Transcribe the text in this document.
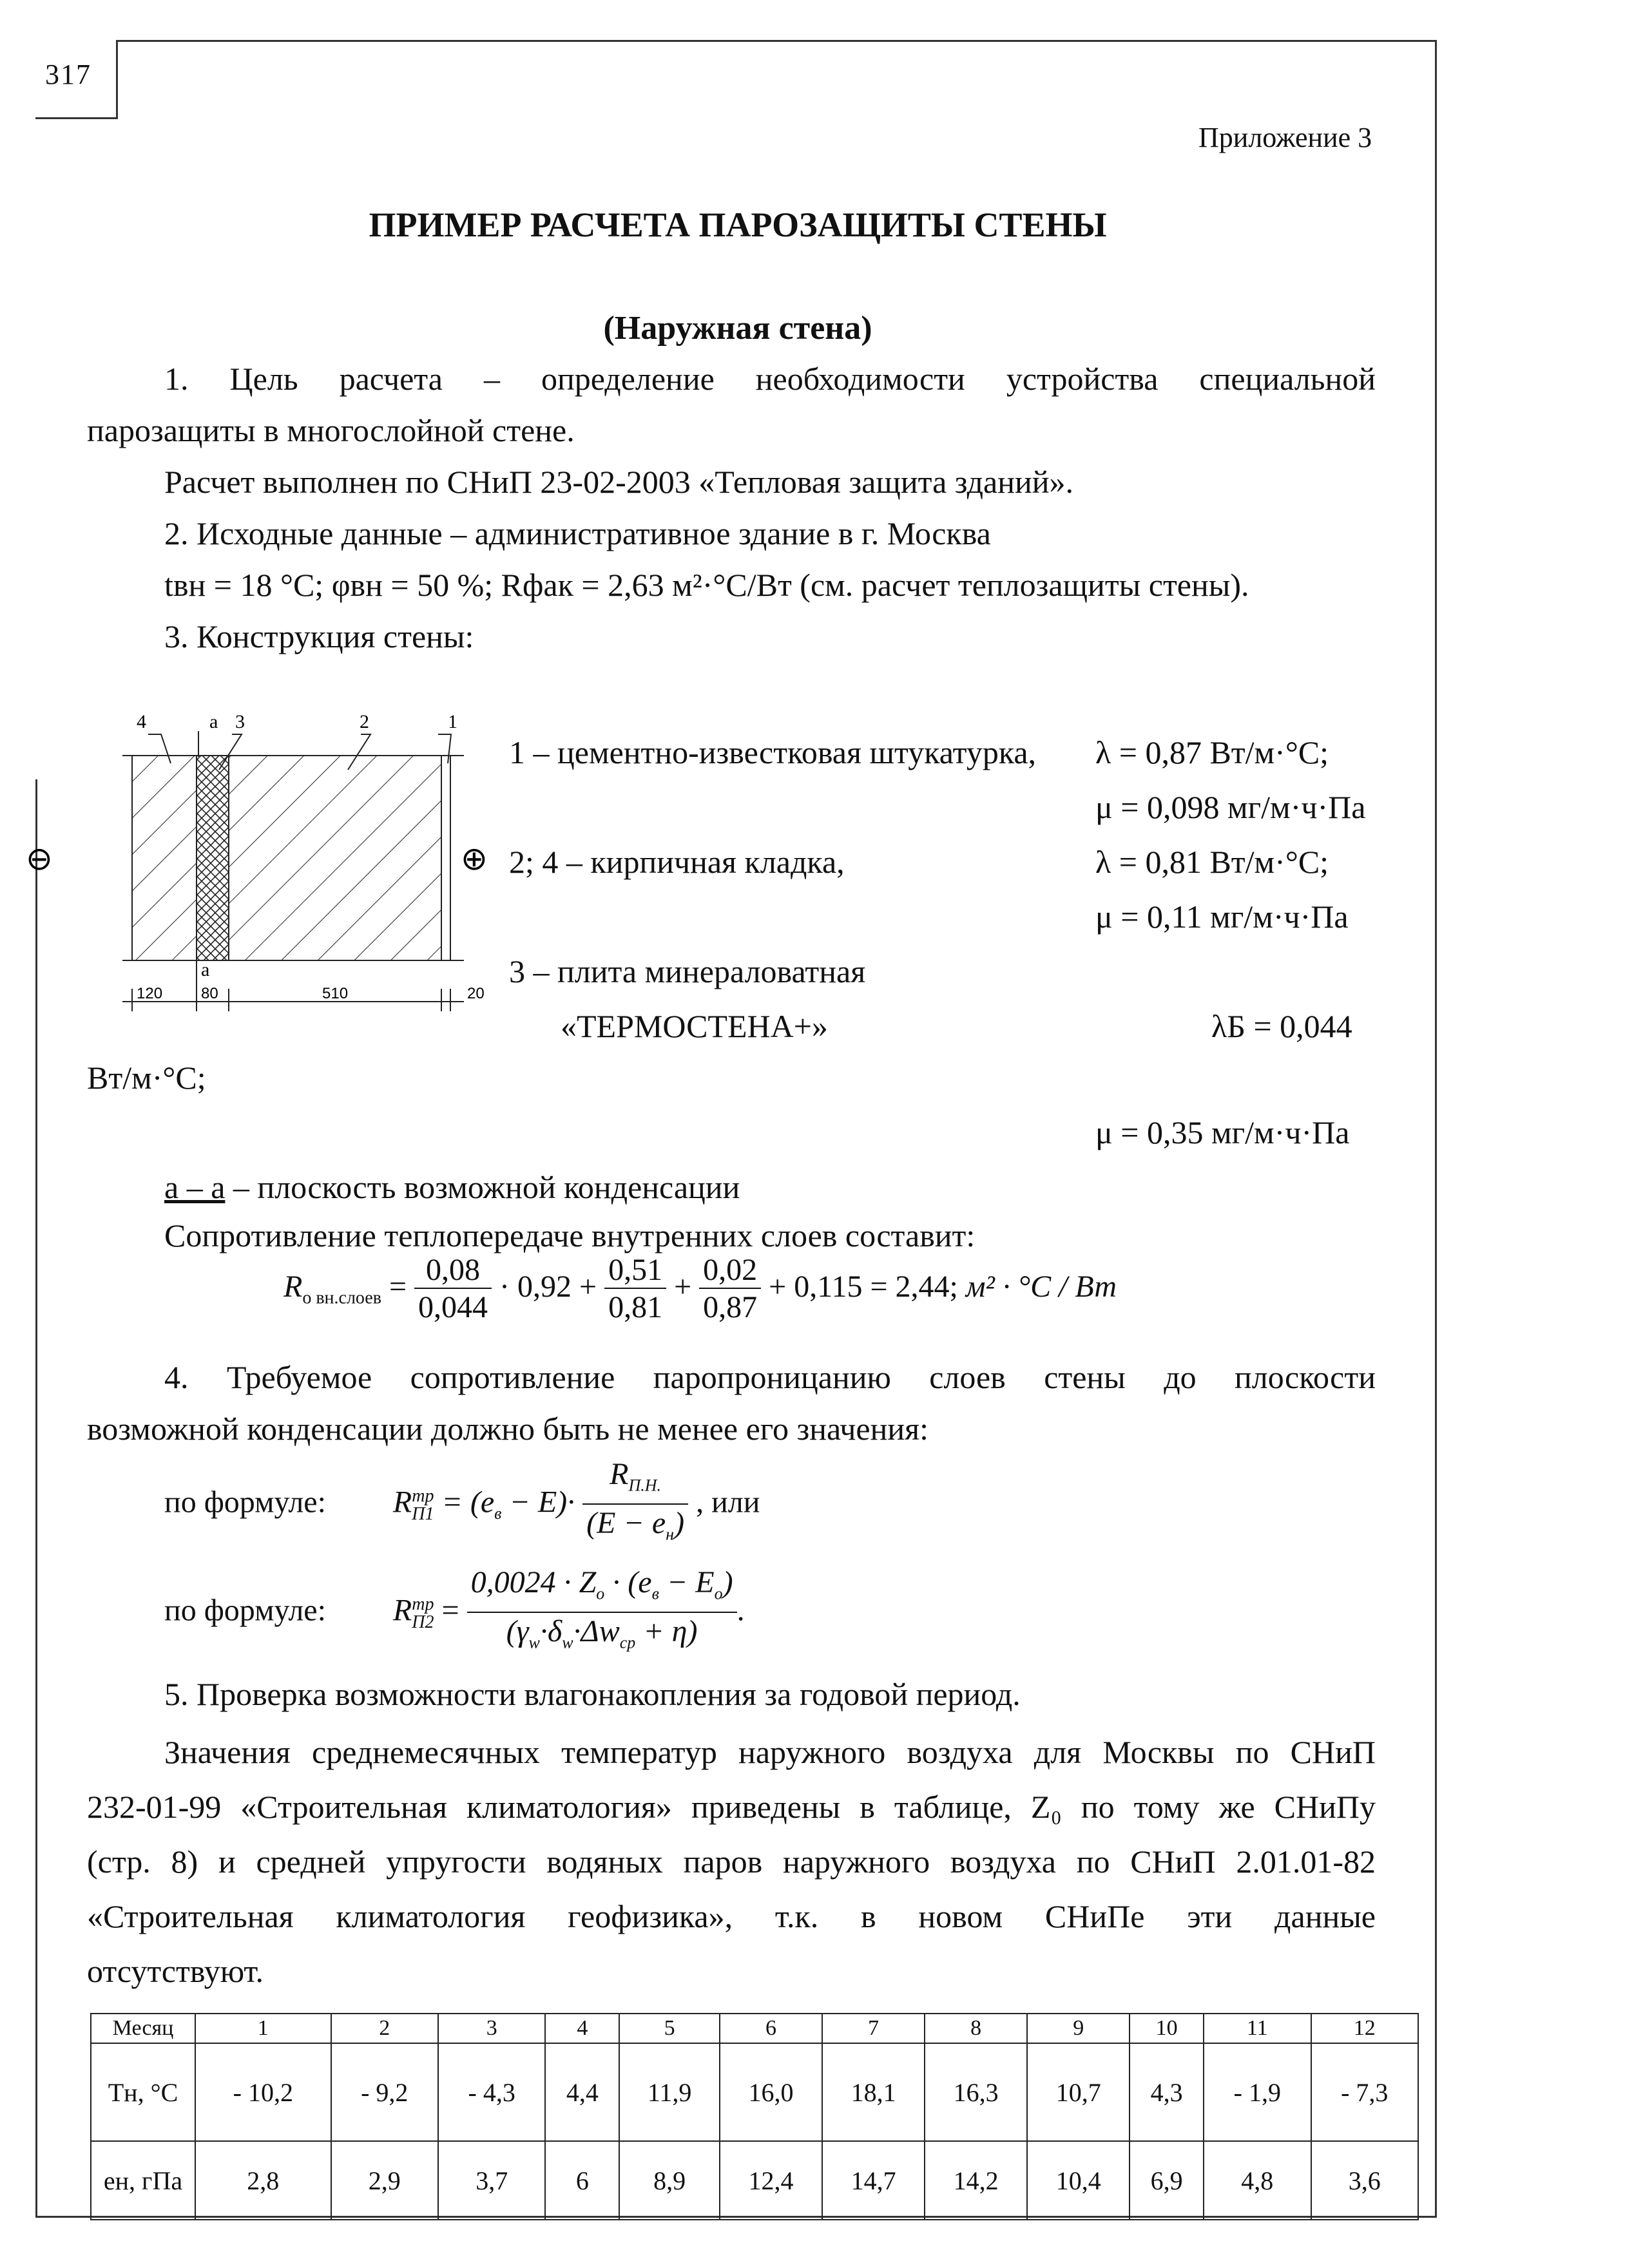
317
Приложение 3
ПРИМЕР РАСЧЕТА ПАРОЗАЩИТЫ СТЕНЫ
(Наружная стена)
1. Цель расчета – определение необходимости устройства специальной
парозащиты в многослойной стене.
Расчет выполнен по СНиП 23-02-2003 «Тепловая защита зданий».
2. Исходные данные – административное здание в г. Москва
tвн = 18 °С; φвн = 50 %; Rфак = 2,63 м²·°С/Вт (см. расчет теплозащиты стены).
3. Конструкция стены:
4	а 3	2	1
а
120 80	510	20
⊖	⊕
1 – цементно-известковая штукатурка, λ = 0,87 Вт/м·°С;
μ = 0,098 мг/м·ч·Па
2; 4 – кирпичная кладка,	λ = 0,81 Вт/м·°С;
μ = 0,11 мг/м·ч·Па
3 – плита минераловатная
«ТЕРМОСТЕНА+»	λБ = 0,044
Вт/м·°С;
μ = 0,35 мг/м·ч·Па
а – а – плоскость возможной конденсации
Сопротивление теплопередаче внутренних слоев составит:
$R_{о вн.слоев} = \frac{0,08}{0,044} \cdot 0,92 + \frac{0,51}{0,81} + \frac{0,02}{0,87} + 0,115 = 2,44$; м² · °С / Вт
4. Требуемое сопротивление паропроницанию слоев стены до плоскости
возможной конденсации должно быть не менее его значения:
по формуле: R тр
$П1 = (e_в - E)\cdot \frac{R_{П.Н.}}{(E - e_н)}$ , или
по формуле: R тр
$П2 = \frac{0,0024 \cdot Z_о \cdot (e_в - E_о)}{(\gamma_w\cdot\delta_w\cdot\Delta w_{ср} + \eta)}$ .
5. Проверка возможности влагонакопления за годовой период.
Значения среднемесячных температур наружного воздуха для Москвы по СНиП
232-01-99 «Строительная климатология» приведены в таблице, Z₀ по тому же СНиПу
(стр. 8) и средней упругости водяных паров наружного воздуха по СНиП 2.01.01-82
«Строительная климатология геофизика», т.к. в новом СНиПе эти данные
отсутствуют.
Месяц	1	2	3	4	5	6	7	8	9	10	11	12
Тн, °С	- 10,2	- 9,2	- 4,3	4,4	11,9	16,0	18,1	16,3	10,7	4,3	- 1,9	- 7,3
eн, гПа	2,8	2,9	3,7	6	8,9	12,4	14,7	14,2	10,4	6,9	4,8	3,6
